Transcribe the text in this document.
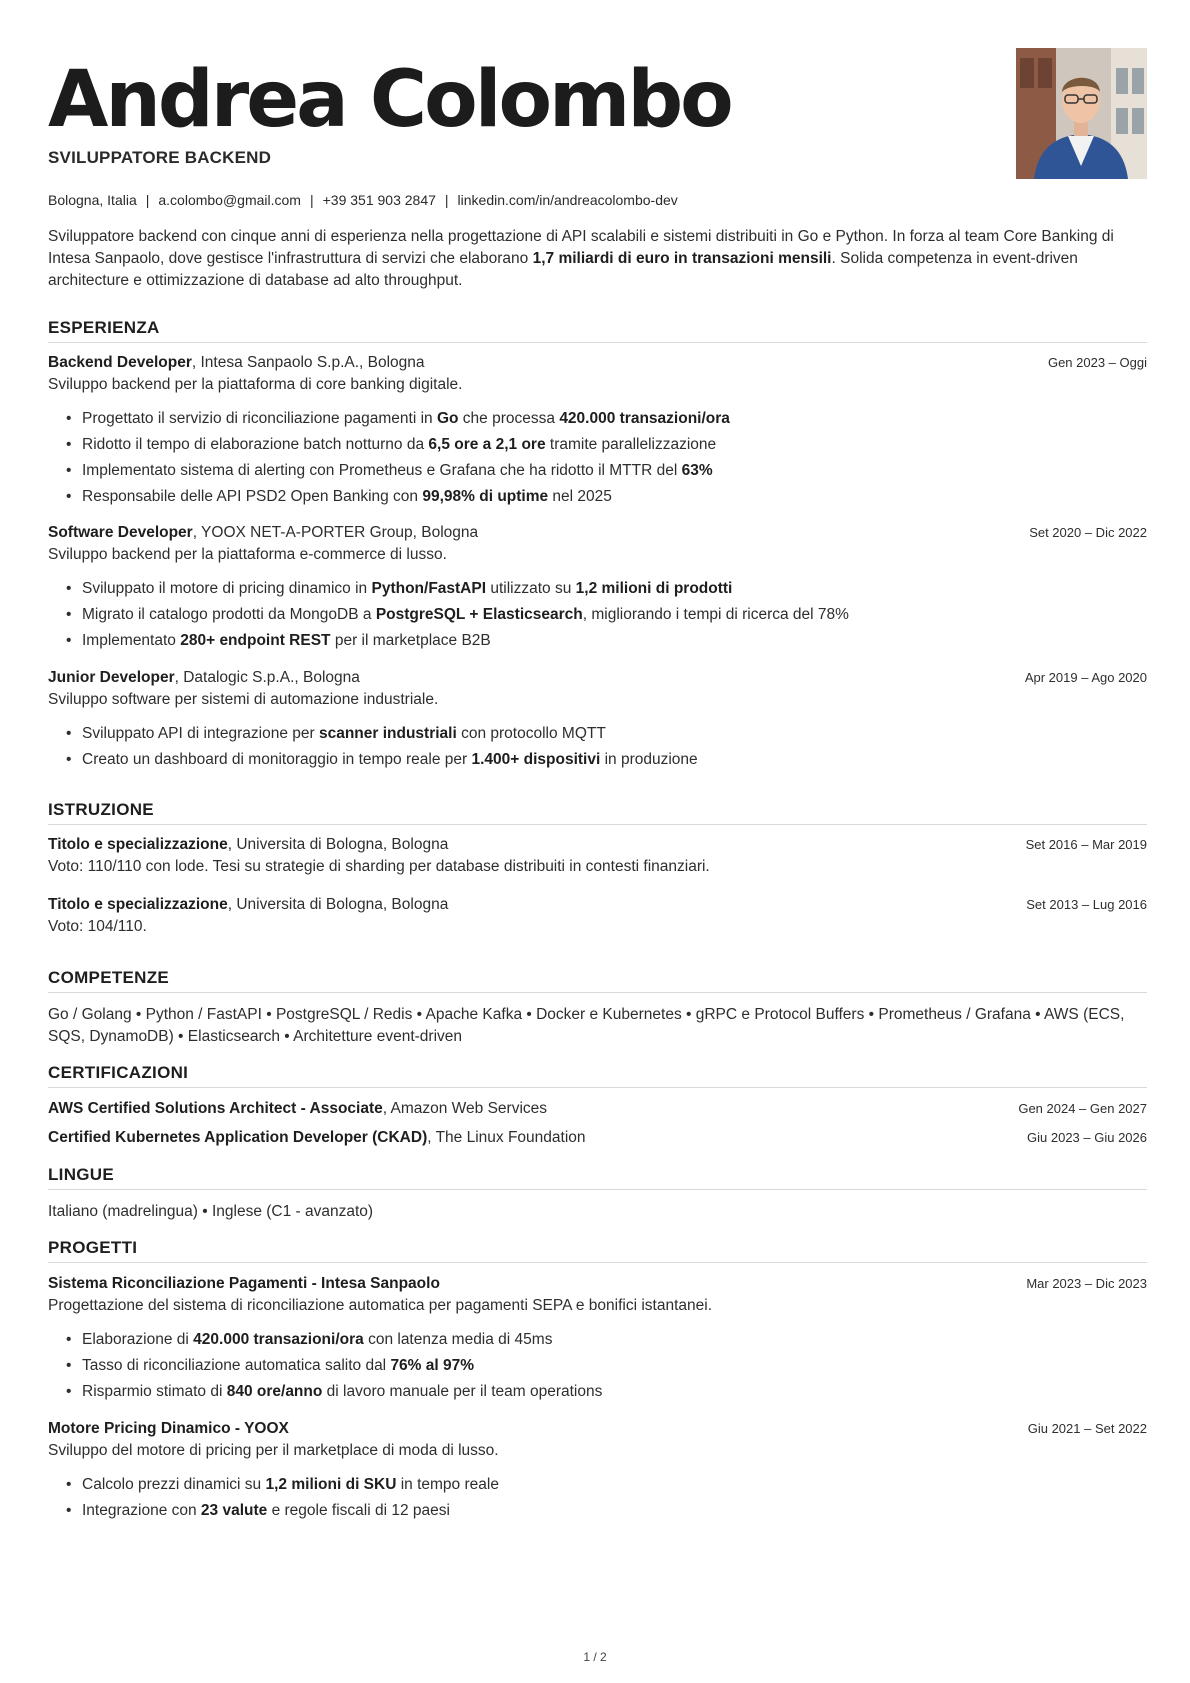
Andrea Colombo
SVILUPPATORE BACKEND
Bologna, Italia | a.colombo@gmail.com | +39 351 903 2847 | linkedin.com/in/andreacolombo-dev
Sviluppatore backend con cinque anni di esperienza nella progettazione di API scalabili e sistemi distribuiti in Go e Python. In forza al team Core Banking di Intesa Sanpaolo, dove gestisce l'infrastruttura di servizi che elaborano 1,7 miliardi di euro in transazioni mensili. Solida competenza in event-driven architecture e ottimizzazione di database ad alto throughput.
ESPERIENZA
Backend Developer, Intesa Sanpaolo S.p.A., Bologna	Gen 2023 – Oggi
Sviluppo backend per la piattaforma di core banking digitale.
• Progettato il servizio di riconciliazione pagamenti in Go che processa 420.000 transazioni/ora
• Ridotto il tempo di elaborazione batch notturno da 6,5 ore a 2,1 ore tramite parallelizzazione
• Implementato sistema di alerting con Prometheus e Grafana che ha ridotto il MTTR del 63%
• Responsabile delle API PSD2 Open Banking con 99,98% di uptime nel 2025
Software Developer, YOOX NET-A-PORTER Group, Bologna	Set 2020 – Dic 2022
Sviluppo backend per la piattaforma e-commerce di lusso.
• Sviluppato il motore di pricing dinamico in Python/FastAPI utilizzato su 1,2 milioni di prodotti
• Migrato il catalogo prodotti da MongoDB a PostgreSQL + Elasticsearch, migliorando i tempi di ricerca del 78%
• Implementato 280+ endpoint REST per il marketplace B2B
Junior Developer, Datalogic S.p.A., Bologna	Apr 2019 – Ago 2020
Sviluppo software per sistemi di automazione industriale.
• Sviluppato API di integrazione per scanner industriali con protocollo MQTT
• Creato un dashboard di monitoraggio in tempo reale per 1.400+ dispositivi in produzione
ISTRUZIONE
Titolo e specializzazione, Universita di Bologna, Bologna	Set 2016 – Mar 2019
Voto: 110/110 con lode. Tesi su strategie di sharding per database distribuiti in contesti finanziari.
Titolo e specializzazione, Universita di Bologna, Bologna	Set 2013 – Lug 2016
Voto: 104/110.
COMPETENZE
Go / Golang • Python / FastAPI • PostgreSQL / Redis • Apache Kafka • Docker e Kubernetes • gRPC e Protocol Buffers • Prometheus / Grafana • AWS (ECS, SQS, DynamoDB) • Elasticsearch • Architetture event-driven
CERTIFICAZIONI
AWS Certified Solutions Architect - Associate, Amazon Web Services	Gen 2024 – Gen 2027
Certified Kubernetes Application Developer (CKAD), The Linux Foundation	Giu 2023 – Giu 2026
LINGUE
Italiano (madrelingua) • Inglese (C1 - avanzato)
PROGETTI
Sistema Riconciliazione Pagamenti - Intesa Sanpaolo	Mar 2023 – Dic 2023
Progettazione del sistema di riconciliazione automatica per pagamenti SEPA e bonifici istantanei.
• Elaborazione di 420.000 transazioni/ora con latenza media di 45ms
• Tasso di riconciliazione automatica salito dal 76% al 97%
• Risparmio stimato di 840 ore/anno di lavoro manuale per il team operations
Motore Pricing Dinamico - YOOX	Giu 2021 – Set 2022
Sviluppo del motore di pricing per il marketplace di moda di lusso.
• Calcolo prezzi dinamici su 1,2 milioni di SKU in tempo reale
• Integrazione con 23 valute e regole fiscali di 12 paesi
1 / 2
